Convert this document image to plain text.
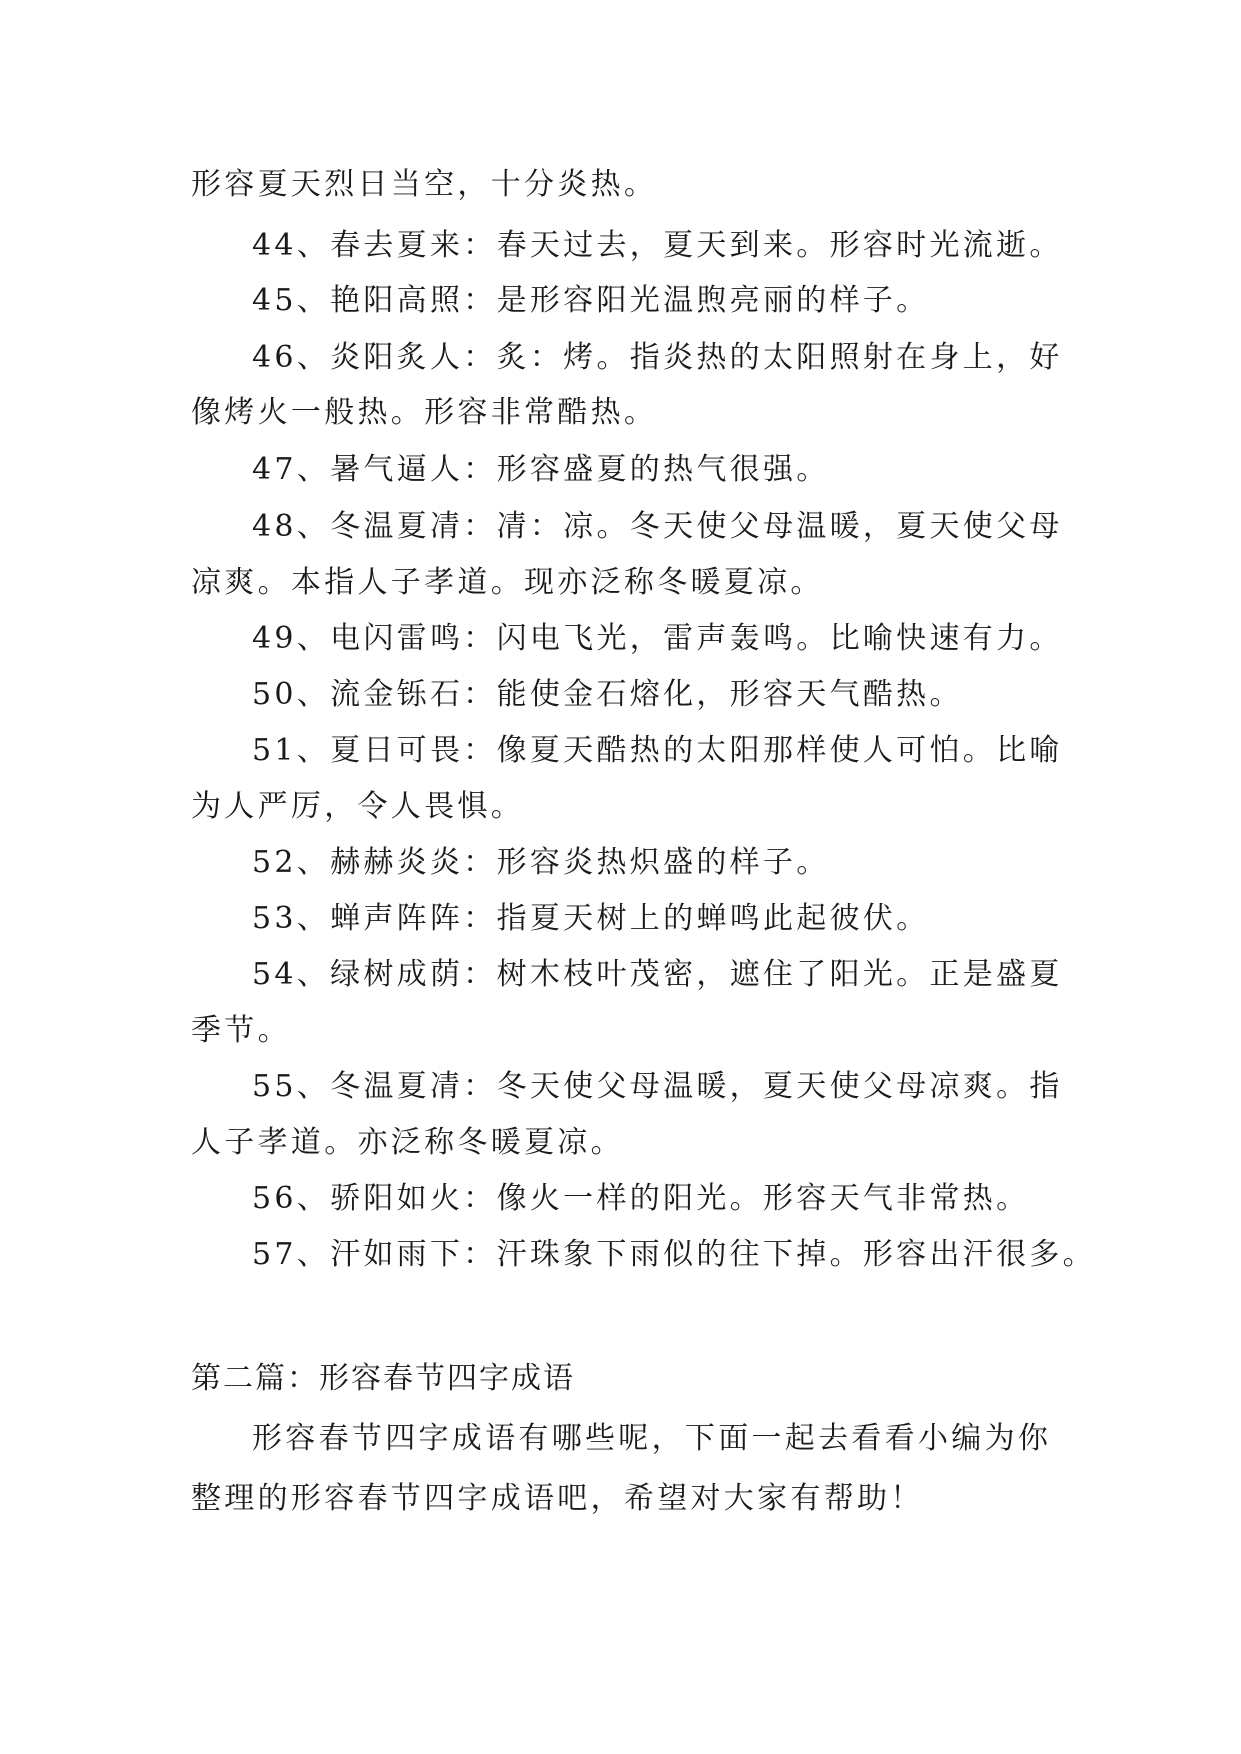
形容夏天烈日当空，十分炎热。
44、春去夏来：春天过去，夏天到来。形容时光流逝。
45、艳阳高照：是形容阳光温煦亮丽的样子。
46、炎阳炙人：炙：烤。指炎热的太阳照射在身上，好
像烤火一般热。形容非常酷热。
47、暑气逼人：形容盛夏的热气很强。
48、冬温夏凊：凊：凉。冬天使父母温暖，夏天使父母
凉爽。本指人子孝道。现亦泛称冬暖夏凉。
49、电闪雷鸣：闪电飞光，雷声轰鸣。比喻快速有力。
50、流金铄石：能使金石熔化，形容天气酷热。
51、夏日可畏：像夏天酷热的太阳那样使人可怕。比喻
为人严厉，令人畏惧。
52、赫赫炎炎：形容炎热炽盛的样子。
53、蝉声阵阵：指夏天树上的蝉鸣此起彼伏。
54、绿树成荫：树木枝叶茂密，遮住了阳光。正是盛夏
季节。
55、冬温夏凊：冬天使父母温暖，夏天使父母凉爽。指
人子孝道。亦泛称冬暖夏凉。
56、骄阳如火：像火一样的阳光。形容天气非常热。
57、汗如雨下：汗珠象下雨似的往下掉。形容出汗很多。
第二篇：形容春节四字成语
形容春节四字成语有哪些呢，下面一起去看看小编为你
整理的形容春节四字成语吧，希望对大家有帮助！
